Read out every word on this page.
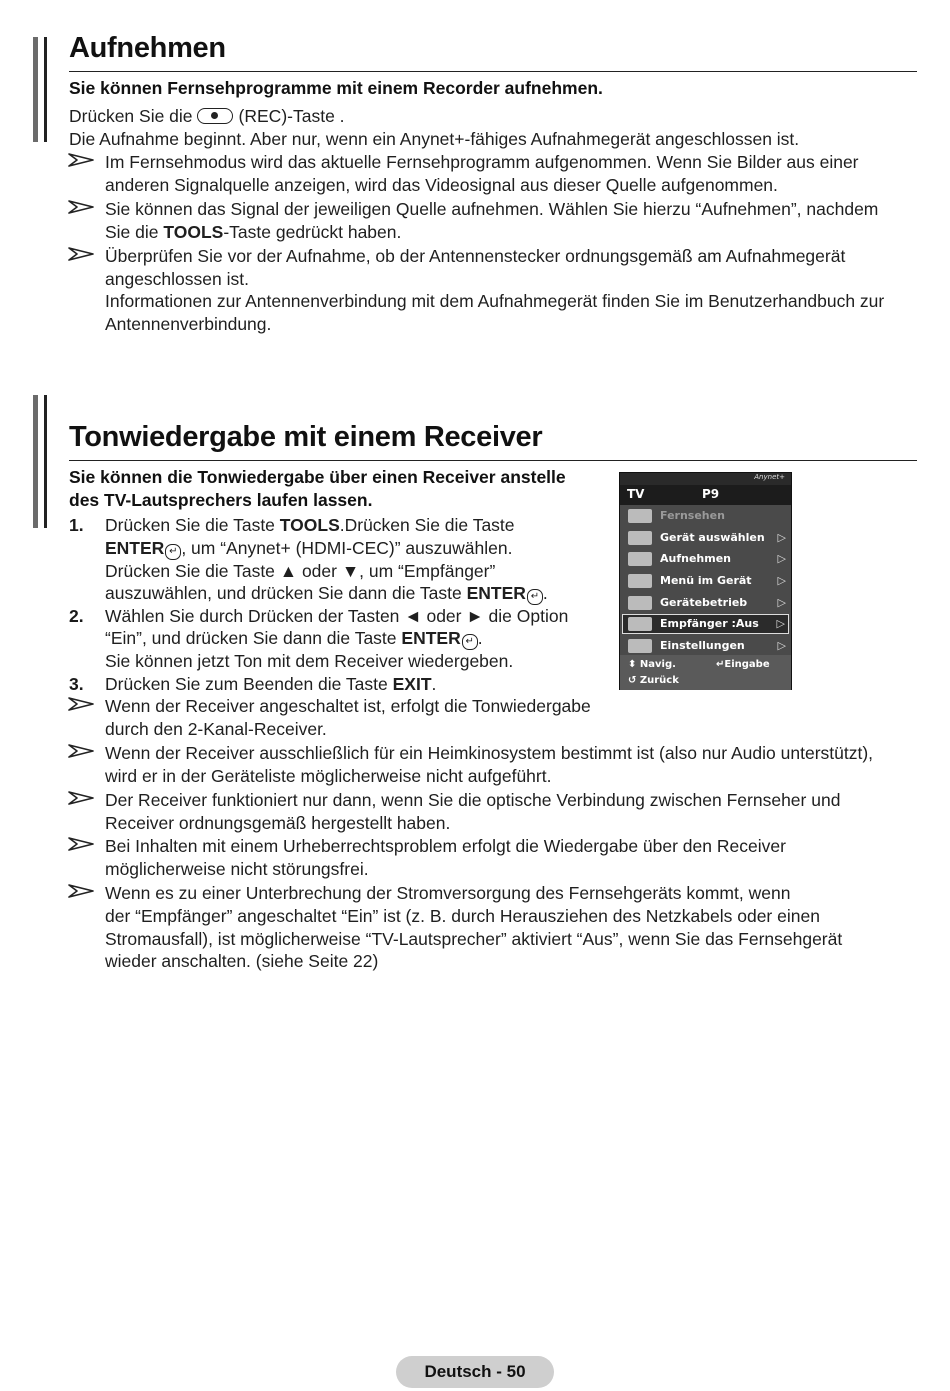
Aufnehmen
Sie können Fernsehprogramme mit einem Recorder aufnehmen.
Drücken Sie die	(REC)-Taste .
Die Aufnahme beginnt. Aber nur, wenn ein Anynet+-fähiges Aufnahmegerät angeschlossen ist.
Im Fernsehmodus wird das aktuelle Fernsehprogramm aufgenommen. Wenn Sie Bilder aus einer
anderen Signalquelle anzeigen, wird das Videosignal aus dieser Quelle aufgenommen.
Sie können das Signal der jeweiligen Quelle aufnehmen. Wählen Sie hierzu “Aufnehmen”, nachdem
Sie die TOOLS-Taste gedrückt haben.
Überprüfen Sie vor der Aufnahme, ob der Antennenstecker ordnungsgemäß am Aufnahmegerät
angeschlossen ist.
Informationen zur Antennenverbindung mit dem Aufnahmegerät finden Sie im Benutzerhandbuch zur
Antennenverbindung.
Tonwiedergabe mit einem Receiver
Sie können die Tonwiedergabe über einen Receiver anstelle
des TV-Lautsprechers laufen lassen.
1. Drücken Sie die Taste TOOLS.Drücken Sie die Taste
ENTER ↵ , um “Anynet+ (HDMI-CEC)” auszuwählen.
Drücken Sie die Taste ▲ oder ▼, um “Empfänger”
auszuwählen, und drücken Sie dann die Taste ENTER ↵ .
2. Wählen Sie durch Drücken der Tasten ◄ oder ► die Option
“Ein”, und drücken Sie dann die Taste ENTER ↵ .
Sie können jetzt Ton mit dem Receiver wiedergeben.
3. Drücken Sie zum Beenden die Taste EXIT.
Wenn der Receiver angeschaltet ist, erfolgt die Tonwiedergabe
durch den 2-Kanal-Receiver.
Wenn der Receiver ausschließlich für ein Heimkinosystem bestimmt ist (also nur Audio unterstützt),
wird er in der Geräteliste möglicherweise nicht aufgeführt.
Der Receiver funktioniert nur dann, wenn Sie die optische Verbindung zwischen Fernseher und
Receiver ordnungsgemäß hergestellt haben.
Bei Inhalten mit einem Urheberrechtsproblem erfolgt die Wiedergabe über den Receiver
möglicherweise nicht störungsfrei.
Wenn es zu einer Unterbrechung der Stromversorgung des Fernsehgeräts kommt, wenn
der “Empfänger” angeschaltet “Ein” ist (z. B. durch Herausziehen des Netzkabels oder einen
Stromausfall), ist möglicherweise “TV-Lautsprecher” aktiviert “Aus”, wenn Sie das Fernsehgerät
wieder anschalten. (siehe Seite 22)
Anynet+
TV	P9
Fernsehen
Gerät auswählen ▷
Aufnehmen	▷
Menü im Gerät ▷
Gerätebetrieb	▷
Empfänger :Aus ▷
Einstellungen	▷
⬍ Navig.	↵Eingabe
↺ Zurück
Deutsch - 50
